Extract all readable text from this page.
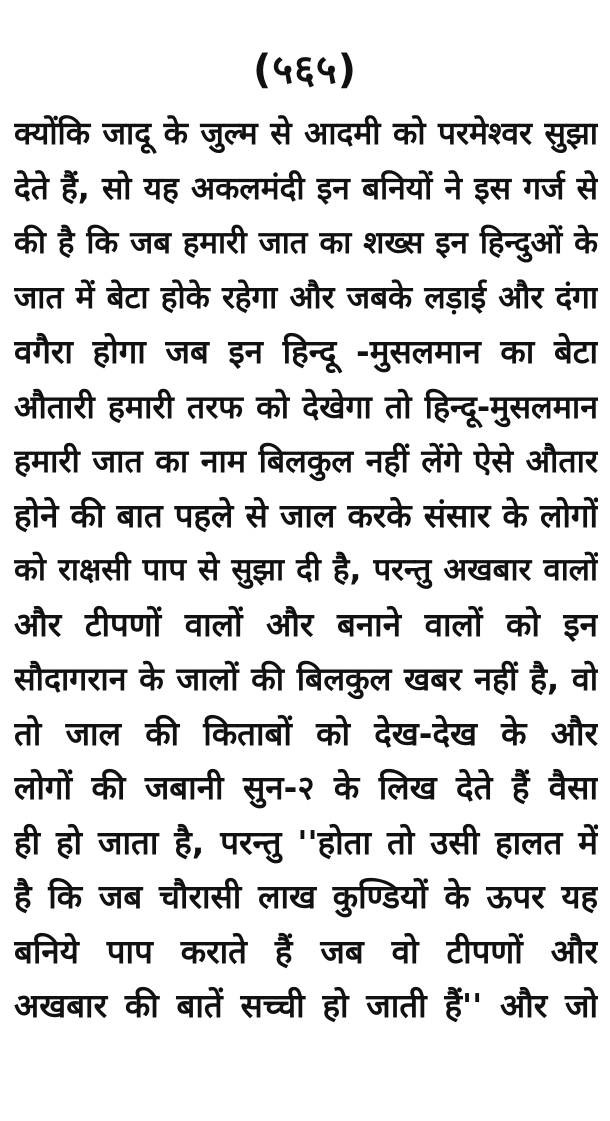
(५६५)
क्योंकि जादू के जुल्म से आदमी को परमेश्वर सुझा
देते हैं, सो यह अकलमंदी इन बनियों ने इस गर्ज से
की है कि जब हमारी जात का शख्स इन हिन्दुओं के
जात में बेटा होके रहेगा और जबके लड़ाई और दंगा
वगैरा होगा जब इन हिन्दू -मुसलमान का बेटा
औतारी हमारी तरफ को देखेगा तो हिन्दू-मुसलमान
हमारी जात का नाम बिलकुल नहीं लेंगे ऐसे औतार
होने की बात पहले से जाल करके संसार के लोगों
को राक्षसी पाप से सुझा दी है, परन्तु अखबार वालों
और टीपणों वालों और बनाने वालों को इन
सौदागरान के जालों की बिलकुल खबर नहीं है, वो
तो जाल की किताबों को देख-देख के और
लोगों की जबानी सुन-२ के लिख देते हैं वैसा
ही हो जाता है, परन्तु ''होता तो उसी हालत में
है कि जब चौरासी लाख कुण्डियों के ऊपर यह
बनिये पाप कराते हैं जब वो टीपणों और
अखबार की बातें सच्ची हो जाती हैं'' और जो
